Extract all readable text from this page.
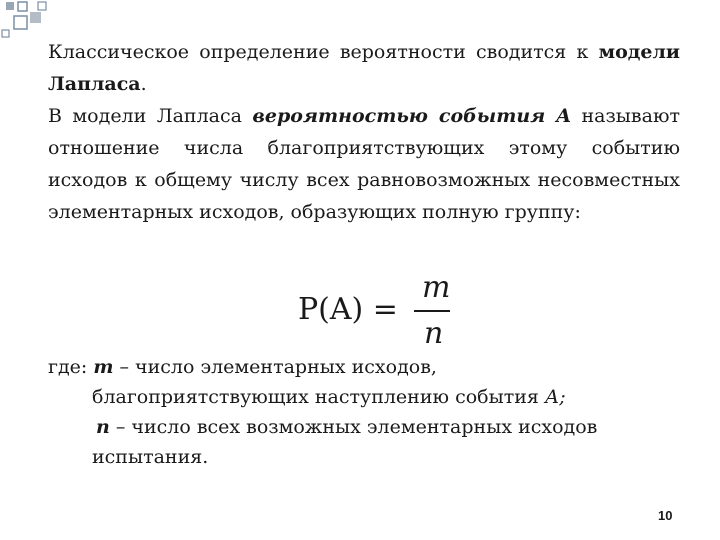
Классическое определение вероятности сводится к модели Лапласа.

В модели Лапласа вероятностью события A называют отношение числа благоприятствующих этому событию исходов к общему числу всех равновозможных несовместных элементарных исходов, образующих полную группу:

P(A) =
m
n
где: m – число элементарных исходов,
благоприятствующих наступлению события А;
n – число всех возможных элементарных исходов
испытания.
10
